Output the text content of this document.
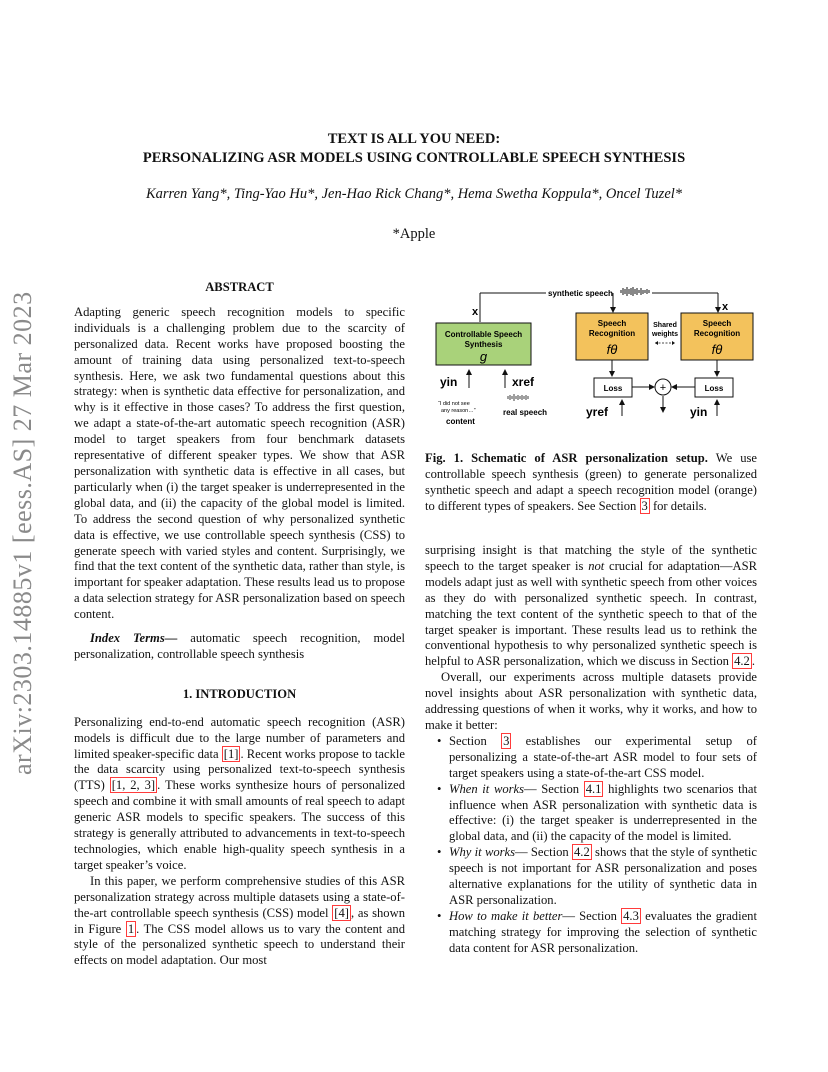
TEXT IS ALL YOU NEED:
PERSONALIZING ASR MODELS USING CONTROLLABLE SPEECH SYNTHESIS
Karren Yang*, Ting-Yao Hu*, Jen-Hao Rick Chang*, Hema Swetha Koppula*, Oncel Tuzel*
*Apple
arXiv:2303.14885v1 [eess.AS] 27 Mar 2023
ABSTRACT

Adapting generic speech recognition models to specific individuals is a challenging problem due to the scarcity of personalized data. Recent works have proposed boosting the amount of training data using personalized text-to-speech synthesis. Here, we ask two fundamental questions about this strategy: when is synthetic data effective for personalization, and why is it effective in those cases? To address the first question, we adapt a state-of-the-art automatic speech recognition (ASR) model to target speakers from four benchmark datasets representative of different speaker types. We show that ASR personalization with synthetic data is effective in all cases, but particularly when (i) the target speaker is underrepresented in the global data, and (ii) the capacity of the global model is limited. To address the second question of why personalized synthetic data is effective, we use controllable speech synthesis (CSS) to generate speech with varied styles and content. Surprisingly, we find that the text content of the synthetic data, rather than style, is important for speaker adaptation. These results lead us to propose a data selection strategy for ASR personalization based on speech content.

Index Terms— automatic speech recognition, model personalization, controllable speech synthesis

1. INTRODUCTION

Personalizing end-to-end automatic speech recognition (ASR) models is difficult due to the large number of parameters and limited speaker-specific data [1] . Recent works propose to tackle the data scarcity using personalized text-to-speech synthesis (TTS) [1, 2, 3] . These works synthesize hours of personalized speech and combine it with small amounts of real speech to adapt generic ASR models to specific speakers. The success of this strategy is generally attributed to advancements in text-to-speech technologies, which enable high-quality speech synthesis in a target speaker’s voice.

In this paper, we perform comprehensive studies of this ASR personalization strategy across multiple datasets using a state-of-the-art controllable speech synthesis (CSS) model [4] , as shown in Figure 1 . The CSS model allows us to vary the content and style of the personalized synthetic speech to understand their effects on model adaptation. Our most

synthetic speech
x	x
Controllable Speech
Synthesis
g
Speech
Recognition
fθ
Shared
weights
Speech
Recognition
fθ
Loss	Loss
+
yin	xref
“I did not see
any reason…”
content
real speech	yref	yin
Fig. 1. Schematic of ASR personalization setup. We use controllable speech synthesis (green) to generate personalized synthetic speech and adapt a speech recognition model (orange) to different types of speakers. See Section 3 for details.

surprising insight is that matching the style of the synthetic speech to the target speaker is not crucial for adaptation—ASR models adapt just as well with synthetic speech from other voices as they do with personalized synthetic speech. In contrast, matching the text content of the synthetic speech to that of the target speaker is important. These results lead us to rethink the conventional hypothesis to why personalized synthetic speech is helpful to ASR personalization, which we discuss in Section 4.2 .

Overall, our experiments across multiple datasets provide novel insights about ASR personalization with synthetic data, addressing questions of when it works, why it works, and how to make it better:

• Section 3 establishes our experimental setup of personalizing a state-of-the-art ASR model to four sets of target speakers using a state-of-the-art CSS model.
• When it works— Section 4.1 highlights two scenarios that influence when ASR personalization with synthetic data is effective: (i) the target speaker is underrepresented in the global data, and (ii) the capacity of the model is limited.
• Why it works— Section 4.2 shows that the style of synthetic speech is not important for ASR personalization and poses alternative explanations for the utility of synthetic data in ASR personalization.
• How to make it better— Section 4.3 evaluates the gradient matching strategy for improving the selection of synthetic data content for ASR personalization.
